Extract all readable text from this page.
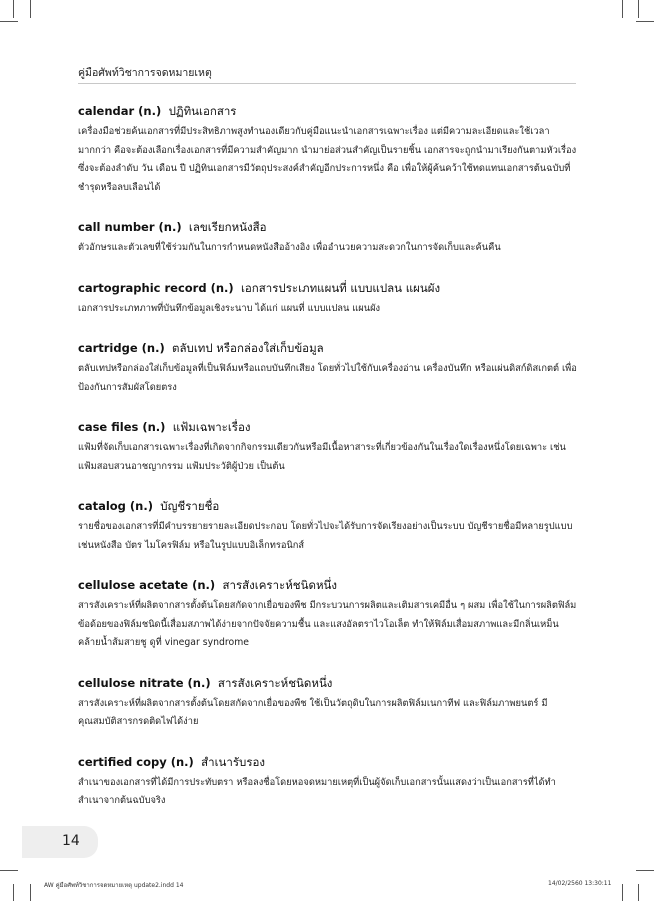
คู่มือศัพท์วิชาการจดหมายเหตุ
calendar (n.) ปฏิทินเอกสาร
เครื่องมือช่วยค้นเอกสารที่มีประสิทธิภาพสูงทำนองเดียวกับคู่มือแนะนำเอกสารเฉพาะเรื่อง แต่มีความละเอียดและใช้เวลามากกว่า คือจะต้องเลือกเรื่องเอกสารที่มีความสำคัญมาก นำมาย่อส่วนสำคัญเป็นรายชิ้น เอกสารจะถูกนำมาเรียงกันตามหัวเรื่อง ซึ่งจะต้องลำดับ วัน เดือน ปี ปฏิทินเอกสารมีวัตถุประสงค์สำคัญอีกประการหนึ่ง คือ เพื่อให้ผู้ค้นคว้าใช้ทดแทนเอกสารต้นฉบับที่ชำรุดหรือลบเลือนได้
call number (n.) เลขเรียกหนังสือ
ตัวอักษรและตัวเลขที่ใช้ร่วมกันในการกำหนดหนังสืออ้างอิง เพื่ออำนวยความสะดวกในการจัดเก็บและค้นคืน
cartographic record (n.) เอกสารประเภทแผนที่ แบบแปลน แผนผัง
เอกสารประเภทภาพที่บันทึกข้อมูลเชิงระนาบ ได้แก่ แผนที่ แบบแปลน แผนผัง
cartridge (n.) ตลับเทป หรือกล่องใส่เก็บข้อมูล
ตลับเทปหรือกล่องใส่เก็บข้อมูลที่เป็นฟิล์มหรือแถบบันทึกเสียง โดยทั่วไปใช้กับเครื่องอ่าน เครื่องบันทึก หรือแผ่นดิสก์ดิสเกตต์ เพื่อป้องกันการสัมผัสโดยตรง
case files (n.) แฟ้มเฉพาะเรื่อง
แฟ้มที่จัดเก็บเอกสารเฉพาะเรื่องที่เกิดจากกิจกรรมเดียวกันหรือมีเนื้อหาสาระที่เกี่ยวข้องกันในเรื่องใดเรื่องหนึ่งโดยเฉพาะ เช่น แฟ้มสอบสวนอาชญากรรม แฟ้มประวัติผู้ป่วย เป็นต้น
catalog (n.) บัญชีรายชื่อ
รายชื่อของเอกสารที่มีคำบรรยายรายละเอียดประกอบ โดยทั่วไปจะได้รับการจัดเรียงอย่างเป็นระบบ บัญชีรายชื่อมีหลายรูปแบบ เช่นหนังสือ บัตร ไมโครฟิล์ม หรือในรูปแบบอิเล็กทรอนิกส์
cellulose acetate (n.) สารสังเคราะห์ชนิดหนึ่ง
สารสังเคราะห์ที่ผลิตจากสารตั้งต้นโดยสกัดจากเยื่อของพืช มีกระบวนการผลิตและเติมสารเคมีอื่น ๆ ผสม เพื่อใช้ในการผลิตฟิล์ม ข้อด้อยของฟิล์มชนิดนี้เสื่อมสภาพได้ง่ายจากปัจจัยความชื้น และแสงอัลตราไวโอเล็ต ทำให้ฟิล์มเสื่อมสภาพและมีกลิ่นเหม็นคล้ายน้ำส้มสายชู ดูที่ vinegar syndrome
cellulose nitrate (n.) สารสังเคราะห์ชนิดหนึ่ง
สารสังเคราะห์ที่ผลิตจากสารตั้งต้นโดยสกัดจากเยื่อของพืช ใช้เป็นวัตถุดิบในการผลิตฟิล์มเนกาทีฟ และฟิล์มภาพยนตร์ มีคุณสมบัติสารกรดติดไฟได้ง่าย
certified copy (n.) สำเนารับรอง
สำเนาของเอกสารที่ได้มีการประทับตรา หรือลงชื่อโดยหอจดหมายเหตุที่เป็นผู้จัดเก็บเอกสารนั้นแสดงว่าเป็นเอกสารที่ได้ทำสำเนาจากต้นฉบับจริง
14
AW คู่มือศัพท์วิชาการจดหมายเหตุ update2.indd 14	14/02/2560 13:30:11
